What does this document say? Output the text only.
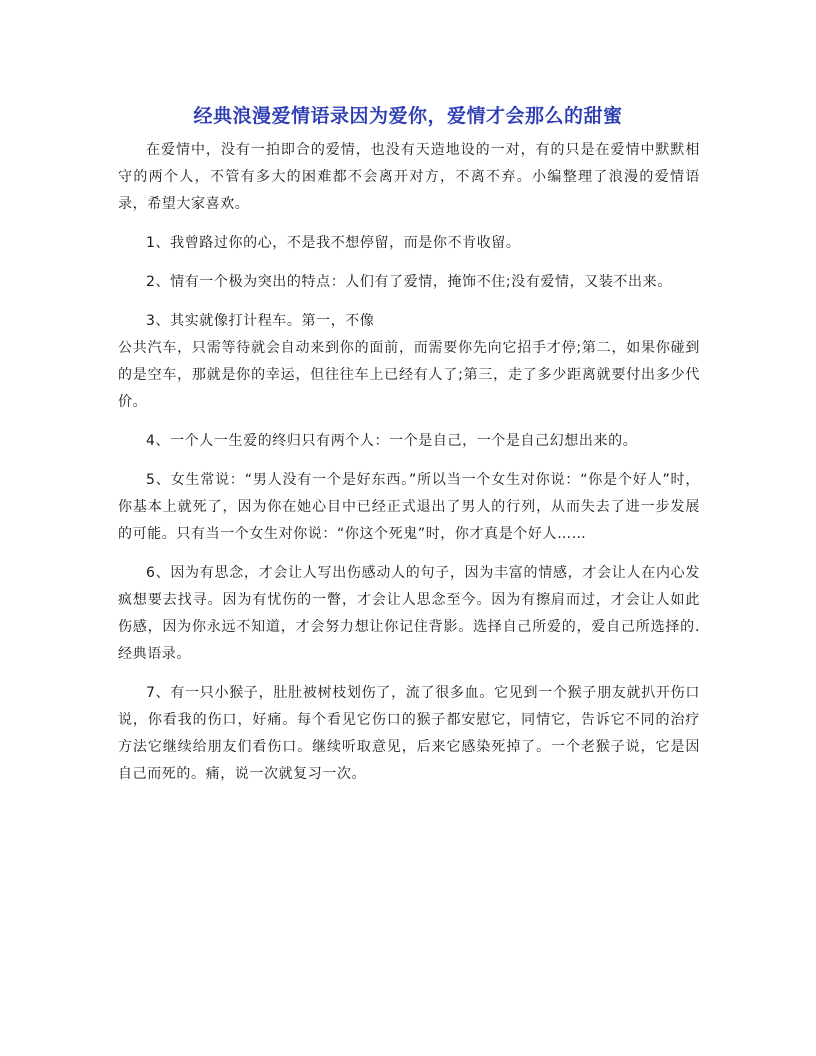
经典浪漫爱情语录因为爱你，爱情才会那么的甜蜜

在爱情中，没有一拍即合的爱情，也没有天造地设的一对，有的只是在爱情中默默相守的两个人，不管有多大的困难都不会离开对方，不离不弃。小编整理了浪漫的爱情语录，希望大家喜欢。

1、我曾路过你的心，不是我不想停留，而是你不肯收留。

2、情有一个极为突出的特点：人们有了爱情，掩饰不住;没有爱情，又装不出来。

3、其实就像打计程车。第一，不像

公共汽车，只需等待就会自动来到你的面前，而需要你先向它招手才停;第二，如果你碰到的是空车，那就是你的幸运，但往往车上已经有人了;第三，走了多少距离就要付出多少代价。

4、一个人一生爱的终归只有两个人：一个是自己，一个是自己幻想出来的。

5、女生常说：“男人没有一个是好东西。”所以当一个女生对你说：“你是个好人”时，你基本上就死了，因为你在她心目中已经正式退出了男人的行列，从而失去了进一步发展的可能。只有当一个女生对你说：“你这个死鬼”时，你才真是个好人……

6、因为有思念，才会让人写出伤感动人的句子，因为丰富的情感，才会让人在内心发疯想要去找寻。因为有忧伤的一瞥，才会让人思念至今。因为有擦肩而过，才会让人如此伤感，因为你永远不知道，才会努力想让你记住背影。选择自己所爱的，爱自己所选择的.经典语录。

7、有一只小猴子，肚肚被树枝划伤了，流了很多血。它见到一个猴子朋友就扒开伤口说，你看我的伤口，好痛。每个看见它伤口的猴子都安慰它，同情它，告诉它不同的治疗方法它继续给朋友们看伤口。继续听取意见，后来它感染死掉了。一个老猴子说，它是因自己而死的。痛，说一次就复习一次。
